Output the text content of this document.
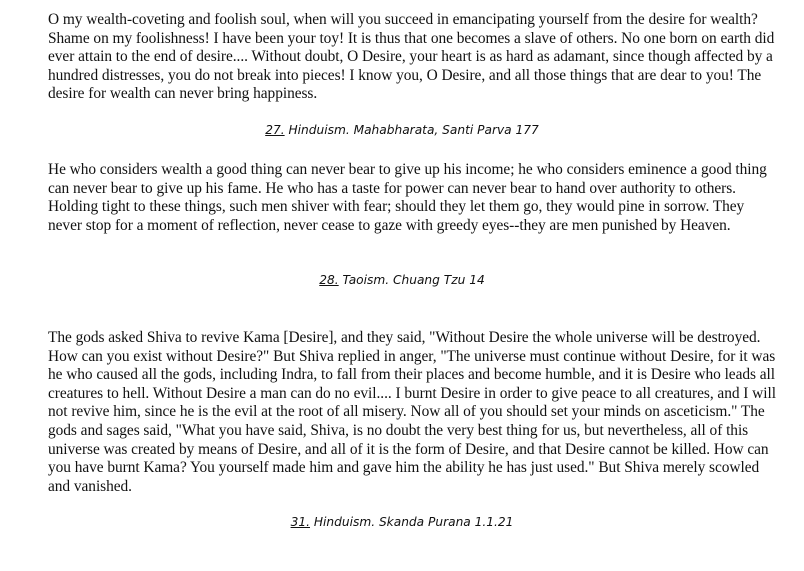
O my wealth-coveting and foolish soul, when will you succeed in emancipating yourself from the desire for wealth? Shame on my foolishness! I have been your toy! It is thus that one becomes a slave of others. No one born on earth did ever attain to the end of desire.... Without doubt, O Desire, your heart is as hard as adamant, since though affected by a hundred distresses, you do not break into pieces! I know you, O Desire, and all those things that are dear to you! The desire for wealth can never bring happiness.

27. Hinduism. Mahabharata, Santi Parva 177

He who considers wealth a good thing can never bear to give up his income; he who considers eminence a good thing can never bear to give up his fame. He who has a taste for power can never bear to hand over authority to others. Holding tight to these things, such men shiver with fear; should they let them go, they would pine in sorrow. They never stop for a moment of reflection, never cease to gaze with greedy eyes--they are men punished by Heaven.

28. Taoism. Chuang Tzu 14

The gods asked Shiva to revive Kama [Desire], and they said, "Without Desire the whole universe will be destroyed. How can you exist without Desire?" But Shiva replied in anger, "The universe must continue without Desire, for it was he who caused all the gods, including Indra, to fall from their places and become humble, and it is Desire who leads all creatures to hell. Without Desire a man can do no evil.... I burnt Desire in order to give peace to all creatures, and I will not revive him, since he is the evil at the root of all misery. Now all of you should set your minds on asceticism." The gods and sages said, "What you have said, Shiva, is no doubt the very best thing for us, but nevertheless, all of this universe was created by means of Desire, and all of it is the form of Desire, and that Desire cannot be killed. How can you have burnt Kama? You yourself made him and gave him the ability he has just used." But Shiva merely scowled and vanished.

31. Hinduism. Skanda Purana 1.1.21
